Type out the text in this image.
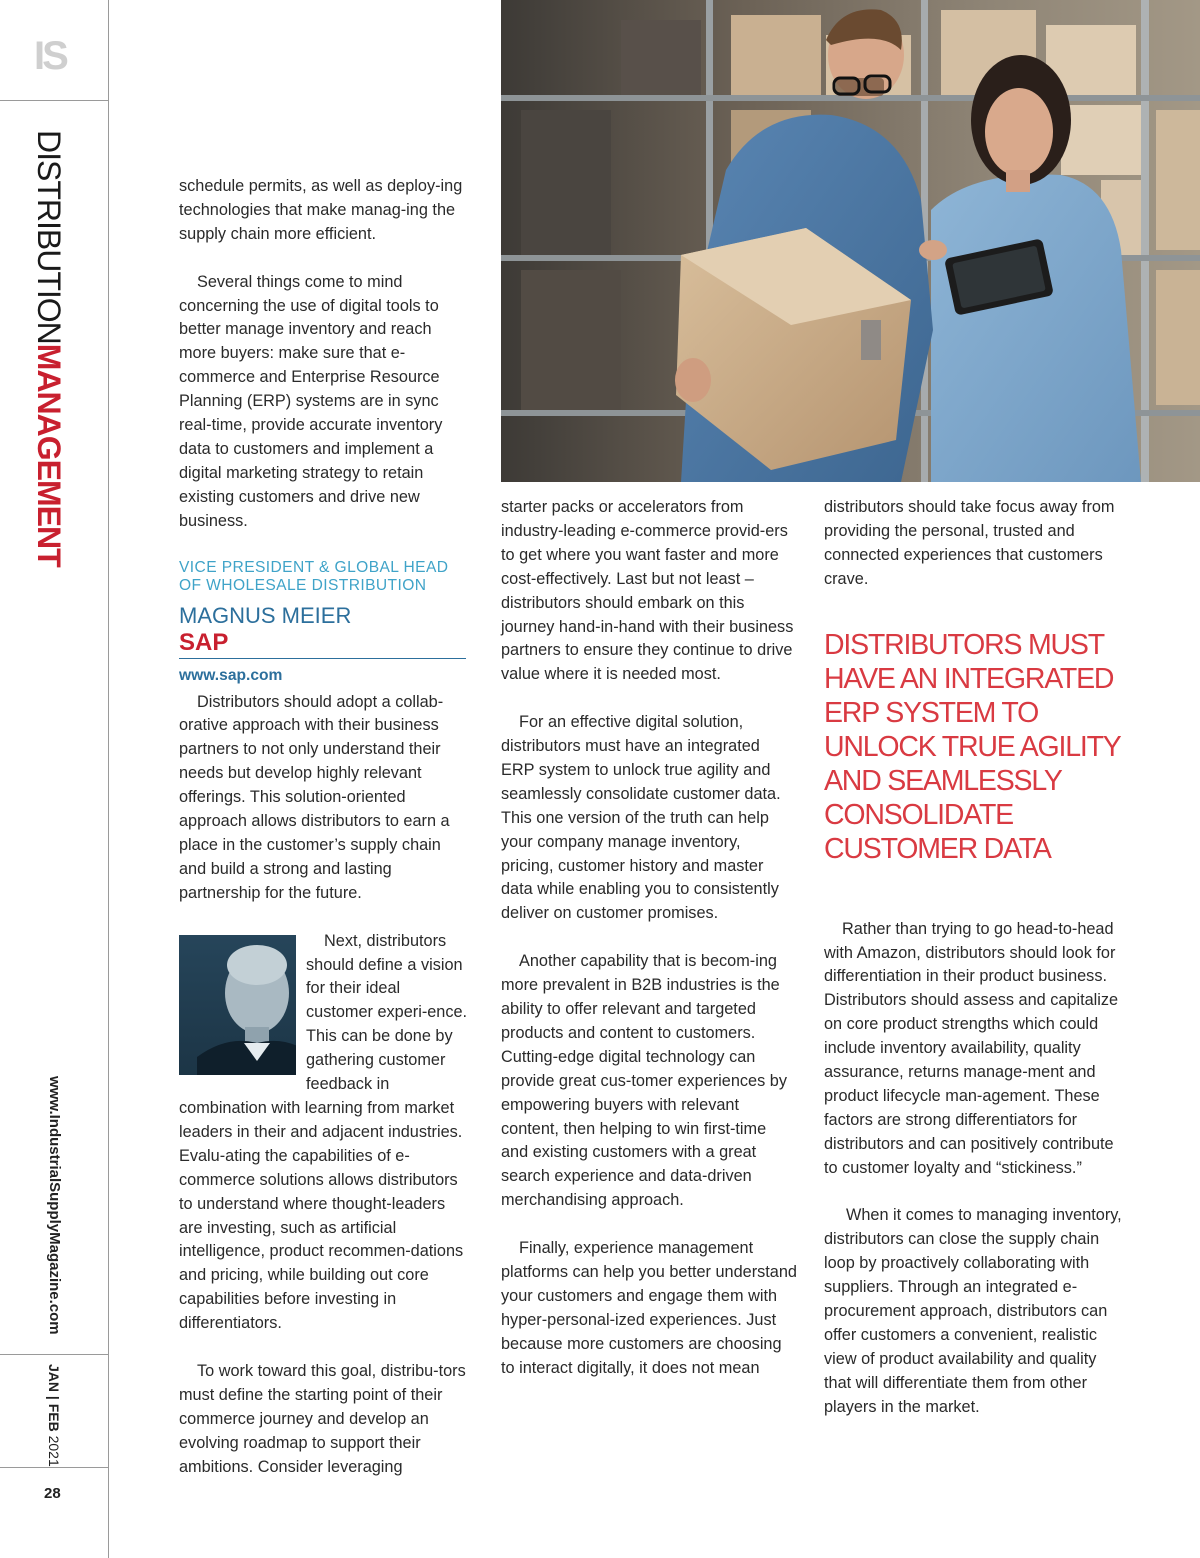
IS
DISTRIBUTIONMANAGEMENT
www.IndustrialSupplyMagazine.com
JAN | FEB 2021
28

schedule permits, as well as deploy-ing technologies that make manag-ing the supply chain more efficient.

Several things come to mind concerning the use of digital tools to better manage inventory and reach more buyers: make sure that e-commerce and Enterprise Resource Planning (ERP) systems are in sync real-time, provide accurate inventory data to customers and implement a digital marketing strategy to retain existing customers and drive new business.

VICE PRESIDENT & GLOBAL HEAD OF WHOLESALE DISTRIBUTION
MAGNUS MEIER
SAP
www.sap.com

Distributors should adopt a collab-orative approach with their business partners to not only understand their needs but develop highly relevant offerings. This solution-oriented approach allows distributors to earn a place in the customer’s supply chain and build a strong and lasting partnership for the future.

Next, distributors should define a vision for their ideal customer experi-ence. This can be done by gathering customer feedback in combination with learning from market leaders in their and adjacent industries. Evalu-ating the capabilities of e-commerce solutions allows distributors to understand where thought-leaders are investing, such as artificial intelligence, product recommen-dations and pricing, while building out core capabilities before investing in differentiators.

To work toward this goal, distribu-tors must define the starting point of their commerce journey and develop an evolving roadmap to support their ambitions. Consider leveraging

starter packs or accelerators from industry-leading e-commerce provid-ers to get where you want faster and more cost-effectively. Last but not least – distributors should embark on this journey hand-in-hand with their business partners to ensure they continue to drive value where it is needed most.

For an effective digital solution, distributors must have an integrated ERP system to unlock true agility and seamlessly consolidate customer data. This one version of the truth can help your company manage inventory, pricing, customer history and master data while enabling you to consistently deliver on customer promises.

Another capability that is becom-ing more prevalent in B2B industries is the ability to offer relevant and targeted products and content to customers. Cutting-edge digital technology can provide great cus-tomer experiences by empowering buyers with relevant content, then helping to win first-time and existing customers with a great search experience and data-driven merchandising approach.

Finally, experience management platforms can help you better understand your customers and engage them with hyper-personal-ized experiences. Just because more customers are choosing to interact digitally, it does not mean

distributors should take focus away from providing the personal, trusted and connected experiences that customers crave.

DISTRIBUTORS MUST HAVE AN INTEGRATED ERP SYSTEM TO UNLOCK TRUE AGILITY AND SEAMLESSLY CONSOLIDATE CUSTOMER DATA

Rather than trying to go head-to-head with Amazon, distributors should look for differentiation in their product business. Distributors should assess and capitalize on core product strengths which could include inventory availability, quality assurance, returns manage-ment and product lifecycle man-agement. These factors are strong differentiators for distributors and can positively contribute to customer loyalty and “stickiness.”

When it comes to managing inventory, distributors can close the supply chain loop by proactively collaborating with suppliers. Through an integrated e-procurement approach, distributors can offer customers a convenient, realistic view of product availability and quality that will differentiate them from other players in the market.
